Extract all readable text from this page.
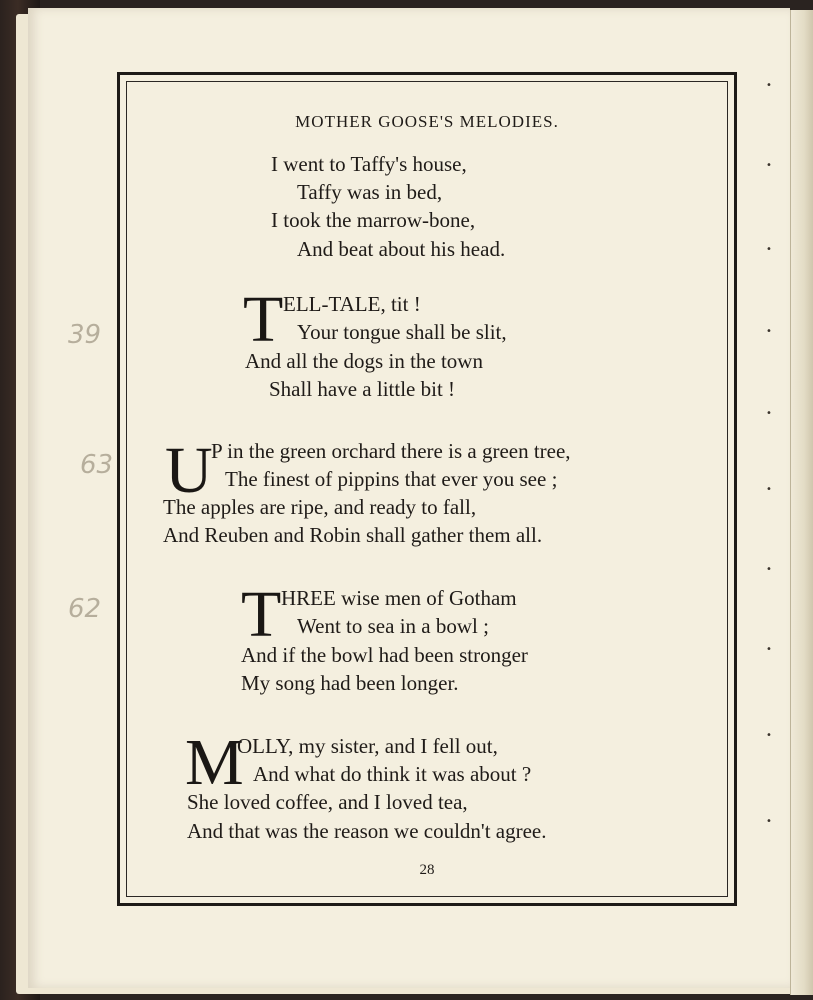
39
63
62
•
•
•
•
•
•
•
•
•
•
MOTHER GOOSE'S MELODIES.
I went to Taffy's house,
Taffy was in bed,
I took the marrow-bone,
And beat about his head.
T ELL-TALE, tit !
Your tongue shall be slit,
And all the dogs in the town
Shall have a little bit !
U
P in the green orchard there is a green tree,
The finest of pippins that ever you see ;
The apples are ripe, and ready to fall,
And Reuben and Robin shall gather them all.
T HREE wise men of Gotham
Went to sea in a bowl ;
And if the bowl had been stronger
My song had been longer.
M
OLLY, my sister, and I fell out,
And what do think it was about ?
She loved coffee, and I loved tea,
And that was the reason we couldn't agree.
28
